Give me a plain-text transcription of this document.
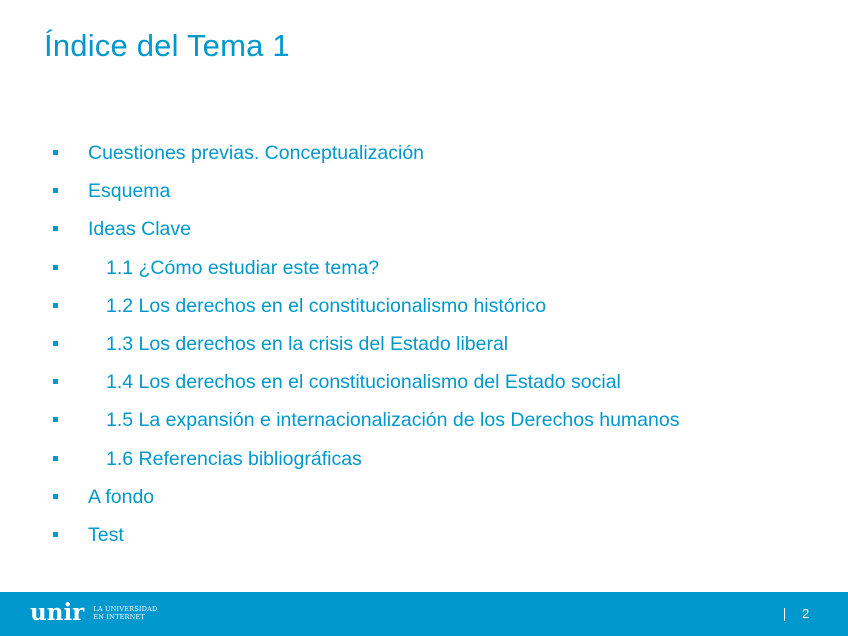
Índice del Tema 1
Cuestiones previas. Conceptualización
Esquema
Ideas Clave
1.1 ¿Cómo estudiar este tema?
1.2 Los derechos en el constitucionalismo histórico
1.3 Los derechos en la crisis del Estado liberal
1.4 Los derechos en el constitucionalismo del Estado social
1.5 La expansión e internacionalización de los Derechos humanos
1.6 Referencias bibliográficas
A fondo
Test
unir LA UNIVERSIDAD
EN INTERNET	2
